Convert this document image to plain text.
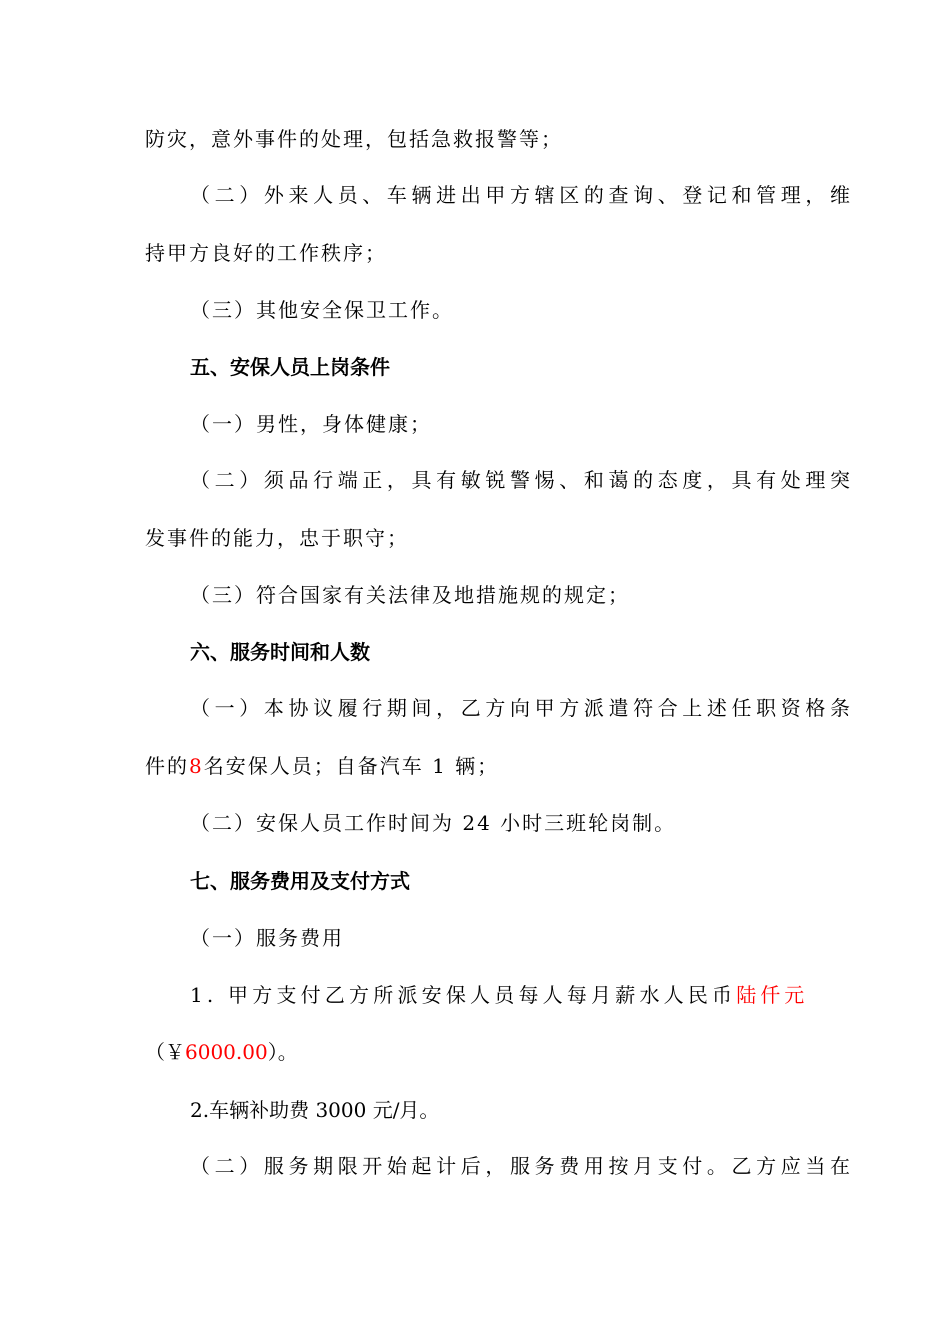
防灾，意外事件的处理，包括急救报警等；
（二）外来人员、车辆进出甲方辖区的查询、登记和管理，维
持甲方良好的工作秩序；
（三）其他安全保卫工作。
五、安保人员上岗条件
（一）男性，身体健康；
（二）须品行端正，具有敏锐警惕、和蔼的态度，具有处理突
发事件的能力，忠于职守；
（三）符合国家有关法律及地措施规的规定；
六、服务时间和人数
（一）本协议履行期间，乙方向甲方派遣符合上述任职资格条
件的8名安保人员；自备汽车 1 辆；
（二）安保人员工作时间为 24 小时三班轮岗制。
七、服务费用及支付方式
（一）服务费用
1. 甲方支付乙方所派安保人员每人每月薪水人民币陆仟元
（￥6000.00）。
2.车辆补助费 3000 元/月。
（二）服务期限开始起计后，服务费用按月支付。乙方应当在
